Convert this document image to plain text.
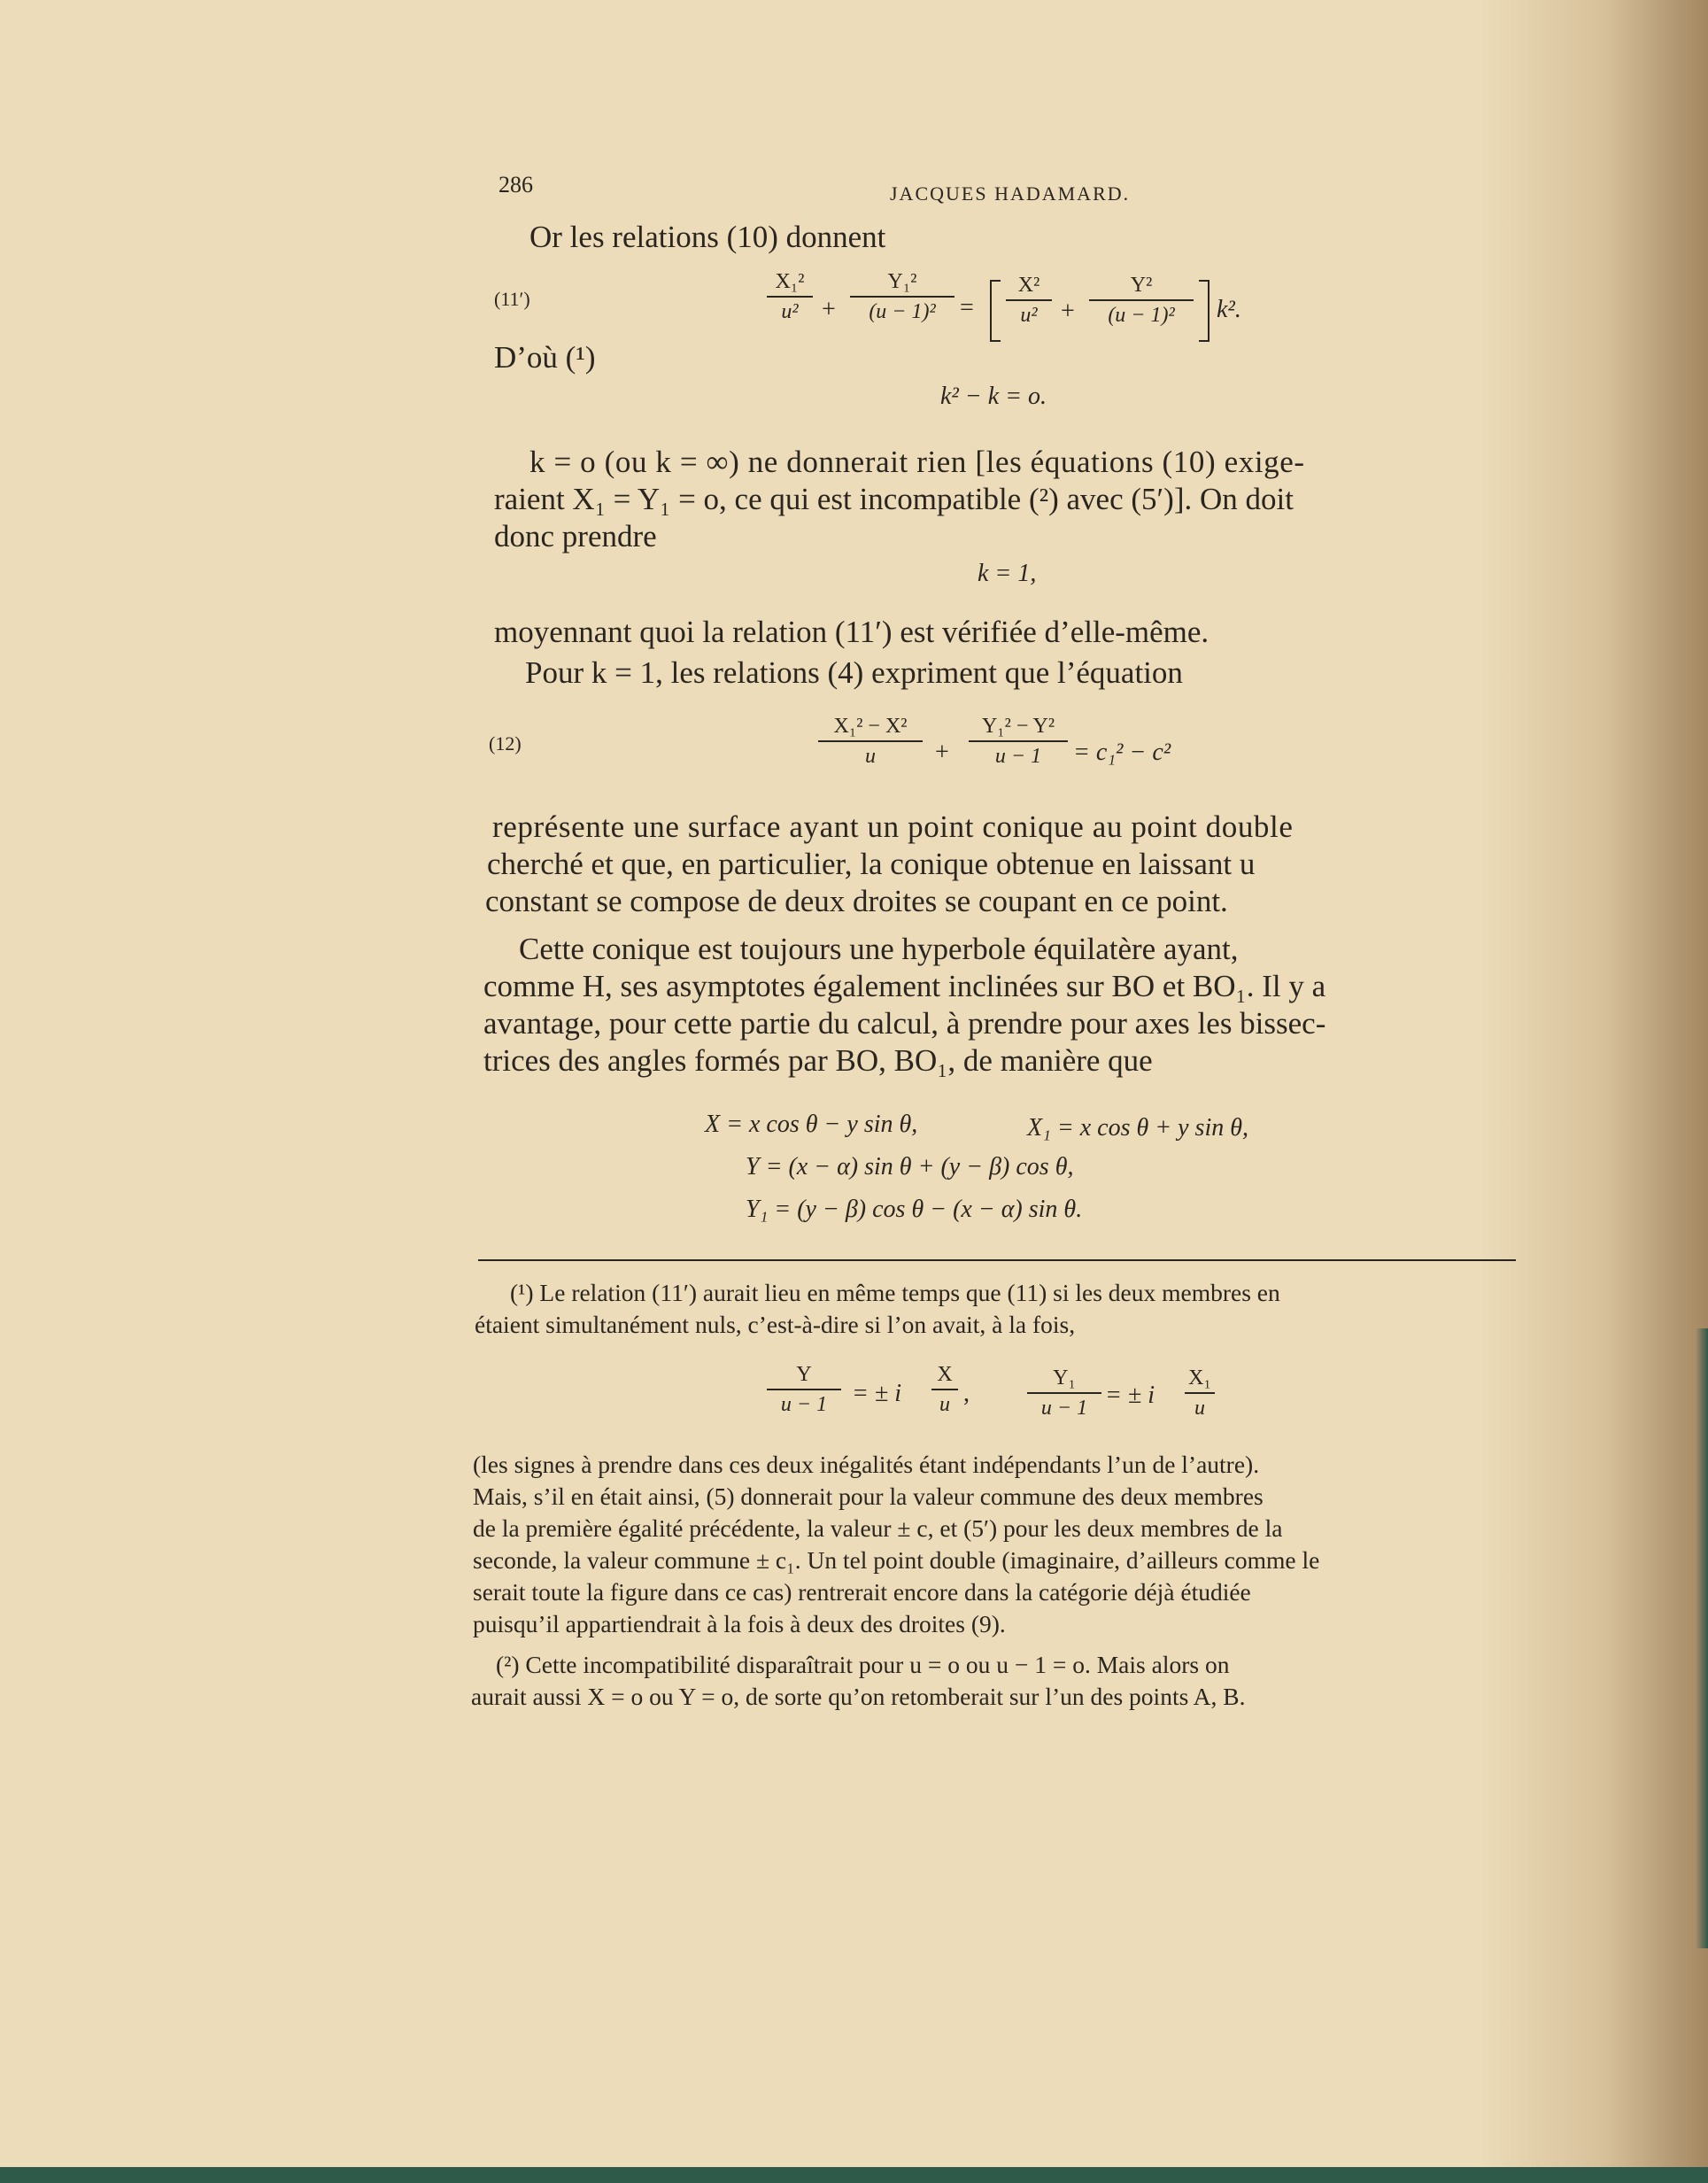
286	JACQUES HADAMARD.
Or les relations (10) donnent
(11′)
X₁²
u² +
Y₁²
(u − 1)² =
X²
u² +
Y²
(u − 1)²	k².
D’où (¹)
k² − k = o.
k = o (ou k = ∞) ne donnerait rien [les équations (10) exige-
raient X₁ = Y₁ = o, ce qui est incompatible (²) avec (5′)]. On doit
donc prendre
k = 1,
moyennant quoi la relation (11′) est vérifiée d’elle-même.
Pour k = 1, les relations (4) expriment que l’équation
(12)
X₁² − X²
u	+
Y₁² − Y²
u − 1	= c₁² − c²
représente une surface ayant un point conique au point double
cherché et que, en particulier, la conique obtenue en laissant u
constant se compose de deux droites se coupant en ce point.
Cette conique est toujours une hyperbole équilatère ayant,
comme H, ses asymptotes également inclinées sur BO et BO₁. Il y a
avantage, pour cette partie du calcul, à prendre pour axes les bissec-
trices des angles formés par BO, BO₁, de manière que
X = x cos θ − y sin θ,	X₁ = x cos θ + y sin θ,
Y = (x − α) sin θ + (y − β) cos θ,
Y₁ = (y − β) cos θ − (x − α) sin θ.
(¹) Le relation (11′) aurait lieu en même temps que (11) si les deux membres en
étaient simultanément nuls, c’est-à-dire si l’on avait, à la fois,
Y
u − 1 = ± i
X
u ,
Y₁
u − 1 = ± i
X₁
u
(les signes à prendre dans ces deux inégalités étant indépendants l’un de l’autre).
Mais, s’il en était ainsi, (5) donnerait pour la valeur commune des deux membres
de la première égalité précédente, la valeur ± c, et (5′) pour les deux membres de la
seconde, la valeur commune ± c₁. Un tel point double (imaginaire, d’ailleurs comme le
serait toute la figure dans ce cas) rentrerait encore dans la catégorie déjà étudiée
puisqu’il appartiendrait à la fois à deux des droites (9).
(²) Cette incompatibilité disparaîtrait pour u = o ou u − 1 = o. Mais alors on
aurait aussi X = o ou Y = o, de sorte qu’on retomberait sur l’un des points A, B.
